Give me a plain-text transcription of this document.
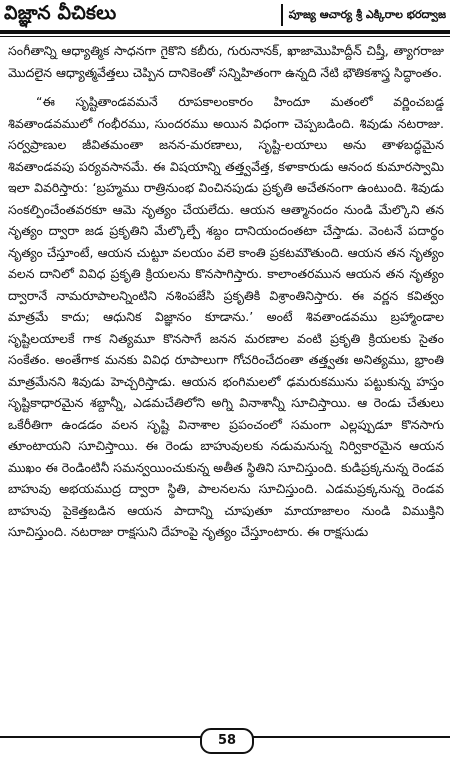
విజ్ఞాన వీచికలు	పూజ్య ఆచార్య శ్రీ ఎక్కిరాల భరద్వాజ

సంగీతాన్ని ఆధ్యాత్మిక సాధనగా గైకొని కబీరు, గురునానక్, ఖాజామొహిద్దీన్ చిష్తీ, త్యాగరాజు మొదలైన ఆధ్యాత్మవేత్తలు చెప్పిన దానికెంతో సన్నిహితంగా ఉన్నది నేటి భౌతికశాస్త్ర సిద్ధాంతం.

“ఈ సృష్టితాండవమనే రూపకాలంకారం హిందూ మతంలో వర్ణించబడ్డ శివతాండవములో గంభీరము, సుందరము అయిన విధంగా చెప్పబడింది. శివుడు నటరాజు. సర్వప్రాణుల జీవితమంతా జనన-మరణాలు, సృష్టి-లయాలు అను తాళబద్ధమైన శివతాండవపు పర్యవసానమే. ఈ విషయాన్ని తత్త్వవేత్త, కళాకారుడు ఆనంద కుమారస్వామి ఇలా వివరిస్తారు: ‘బ్రహ్మము రాత్రినుంభ వించినపుడు ప్రకృతి అచేతనంగా ఉంటుంది. శివుడు సంకల్పించేంతవరకూ ఆమె నృత్యం చేయలేదు. ఆయన ఆత్మానందం నుండి మేల్కొని తన నృత్యం ద్వారా జడ ప్రకృతిని మేల్కొల్పే శబ్దం దానియందంతటా చేస్తాడు. వెంటనే పదార్థం నృత్యం చేస్తూంటే, ఆయన చుట్టూ వలయం వలె కాంతి ప్రకటమౌతుంది. ఆయన తన నృత్యం వలన దానిలో వివిధ ప్రకృతి క్రియలను కొనసాగిస్తారు. కాలాంతరమున ఆయన తన నృత్యం ద్వారానే నామరూపాలన్నింటిని నశింపజేసి ప్రకృతికి విశ్రాంతినిస్తారు. ఈ వర్ణన కవిత్వం మాత్రమే కాదు; ఆధునిక విజ్ఞానం కూడాను.’ అంటే శివతాండవము బ్రహ్మాండాల సృష్టిలయాలకే గాక నిత్యమూ కొనసాగే జనన మరణాల వంటి ప్రకృతి క్రియలకు సైతం సంకేతం. అంతేగాక మనకు వివిధ రూపాలుగా గోచరించేదంతా తత్త్వతః అనిత్యము, భ్రాంతి మాత్రమేనని శివుడు హెచ్చరిస్తాడు. ఆయన భంగిమలలో ఢమరుకమును పట్టుకున్న హస్తం సృష్టికాధారమైన శబ్దాన్నీ, ఎడమచేతిలోని అగ్ని వినాశాన్నీ సూచిస్తాయి. ఆ రెండు చేతులు ఒకేరీతిగా ఉండడం వలన సృష్టి వినాశాల ప్రపంచంలో సమంగా ఎల్లప్పుడూ కొనసాగు తూంటాయని సూచిస్తాయి. ఈ రెండు బాహువులకు నడుమనున్న నిర్వికారమైన ఆయన ముఖం ఈ రెండింటినీ సమన్వయించుకున్న అతీత స్థితిని సూచిస్తుంది. కుడిప్రక్కనున్న రెండవ బాహువు అభయముద్ర ద్వారా స్థితి, పాలనలను సూచిస్తుంది. ఎడమప్రక్కనున్న రెండవ బాహువు పైకెత్తబడిన ఆయన పాదాన్ని చూపుతూ మాయాజాలం నుండి విముక్తిని సూచిస్తుంది. నటరాజు రాక్షసుని దేహంపై నృత్యం చేస్తూంటారు. ఈ రాక్షసుడు

58
